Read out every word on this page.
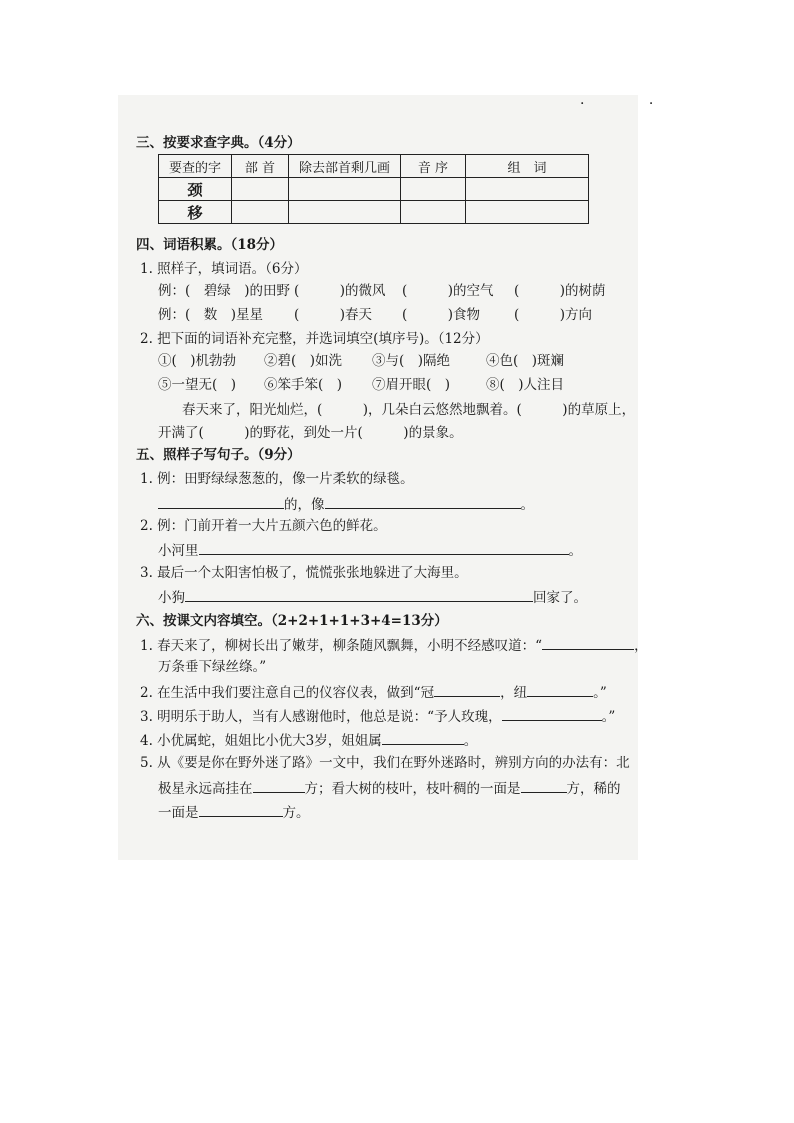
· ·
三、按要求查字典。（4分）
要查的字	部 首	除去部首剩几画	音 序	组　词
颈				
移				
四、词语积累。（18分）
1. 照样子，填词语。（6分）
例：(　碧绿　)的田野 (　　　)的微风 (　　　)的空气 (　　　)的树荫
例：(　数　)星星 (　　　)春天 (　　　)食物	(　　　)方向
2. 把下面的词语补充完整，并选词填空(填序号)。（12分）
①(　)机勃勃 ②碧(　)如洗 ③与(　)隔绝	④色(　)斑斓
⑤一望无(　) ⑥笨手笨(　) ⑦眉开眼(　)	⑧(　)人注目
春天来了，阳光灿烂，(　　　)，几朵白云悠然地飘着。(　　　)的草原上，
开满了(　　　)的野花，到处一片(　　　)的景象。
五、照样子写句子。（9分）
1. 例：田野绿绿葱葱的，像一片柔软的绿毯。
的，像	。
2. 例：门前开着一大片五颜六色的鲜花。
小河里	。
3. 最后一个太阳害怕极了，慌慌张张地躲进了大海里。
小狗	回家了。
六、按课文内容填空。（2+2+1+1+3+4=13分）
1. 春天来了，柳树长出了嫩芽，柳条随风飘舞，小明不经感叹道：“	，
万条垂下绿丝绦。”
2. 在生活中我们要注意自己的仪容仪表，做到“冠	，纽	。”
3. 明明乐于助人，当有人感谢他时，他总是说：“予人玫瑰，	。”
4. 小优属蛇，姐姐比小优大3岁，姐姐属	。
5. 从《要是你在野外迷了路》一文中，我们在野外迷路时，辨别方向的办法有：北
极星永远高挂在	方；看大树的枝叶，枝叶稠的一面是	方，稀的
一面是	方。
